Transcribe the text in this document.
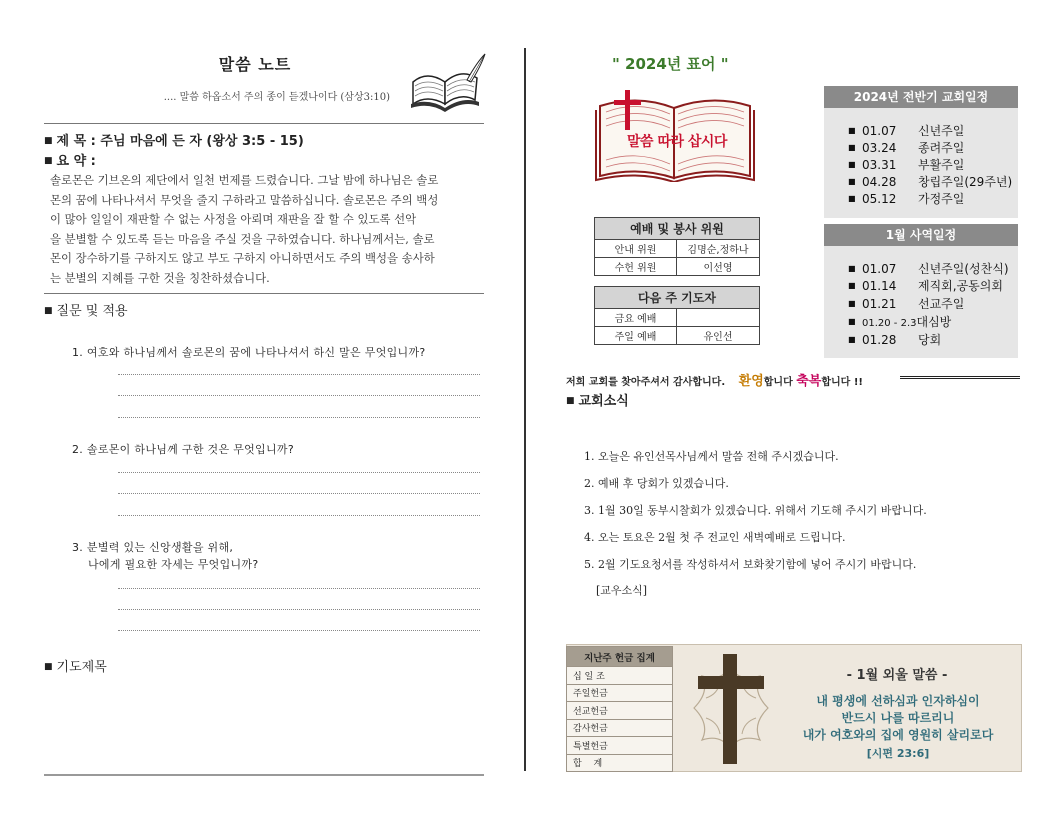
말씀 노트
.... 말씀 하옵소서 주의 종이 듣겠나이다 (삼상3:10)
■ 제 목 : 주님 마음에 든 자 (왕상 3:5 - 15)
■ 요 약 :
솔로몬은 기브온의 제단에서 일천 번제를 드렸습니다. 그날 밤에 하나님은 솔로
몬의 꿈에 나타나셔서 무엇을 줄지 구하라고 말씀하십니다. 솔로몬은 주의 백성
이 많아 일일이 재판할 수 없는 사정을 아뢰며 재판을 잘 할 수 있도록 선악
을 분별할 수 있도록 듣는 마음을 주실 것을 구하였습니다. 하나님께서는, 솔로
몬이 장수하기를 구하지도 않고 부도 구하지 아니하면서도 주의 백성을 송사하
는 분별의 지혜를 구한 것을 칭찬하셨습니다.
■ 질문 및 적용
1. 여호와 하나님께서 솔로몬의 꿈에 나타나셔서 하신 말은 무엇입니까?
2. 솔로몬이 하나님께 구한 것은 무엇입니까?
3. 분별력 있는 신앙생활을 위해,
나에게 필요한 자세는 무엇입니까?
■ 기도제목
" 2024년 표어 "
말씀 따라 삽시다
2024년 전반기 교회일정
■ 01.07 신년주일
■ 03.24 종려주일
■ 03.31 부활주일
■ 04.28 창립주일(29주년)
■ 05.12 가정주일
1월 사역일정
■ 01.07 신년주일(성찬식)
■ 01.14 제직회,공동의회
■ 01.21 선교주일
■ 01.20 - 2.3대심방
■ 01.28 당회
예배 및 봉사 위원	
안내 위원	김명순,정하나
수헌 위원	이선영
다음 주 기도자	
금요 예배	
주일 예배	유인선
저희 교회를 찾아주셔서 감사합니다. 환영합니다 축복합니다 !!
■ 교회소식
1. 오늘은 유인선목사님께서 말씀 전해 주시겠습니다.
2. 예배 후 당회가 있겠습니다.
3. 1월 30일 동부시찰회가 있겠습니다. 위해서 기도해 주시기 바랍니다.
4. 오는 토요은 2월 첫 주 전교인 새벽예배로 드립니다.
5. 2월 기도요청서를 작성하셔서 보화찾기함에 넣어 주시기 바랍니다.
[교우소식]
지난주 헌금 집계
십 일 조
주일헌금
선교헌금
감사헌금
특별헌금
합　 계
- 1월 외울 말씀 -
내 평생에 선하심과 인자하심이
반드시 나를 따르리니
내가 여호와의 집에 영원히 살리로다
[시편 23:6]
